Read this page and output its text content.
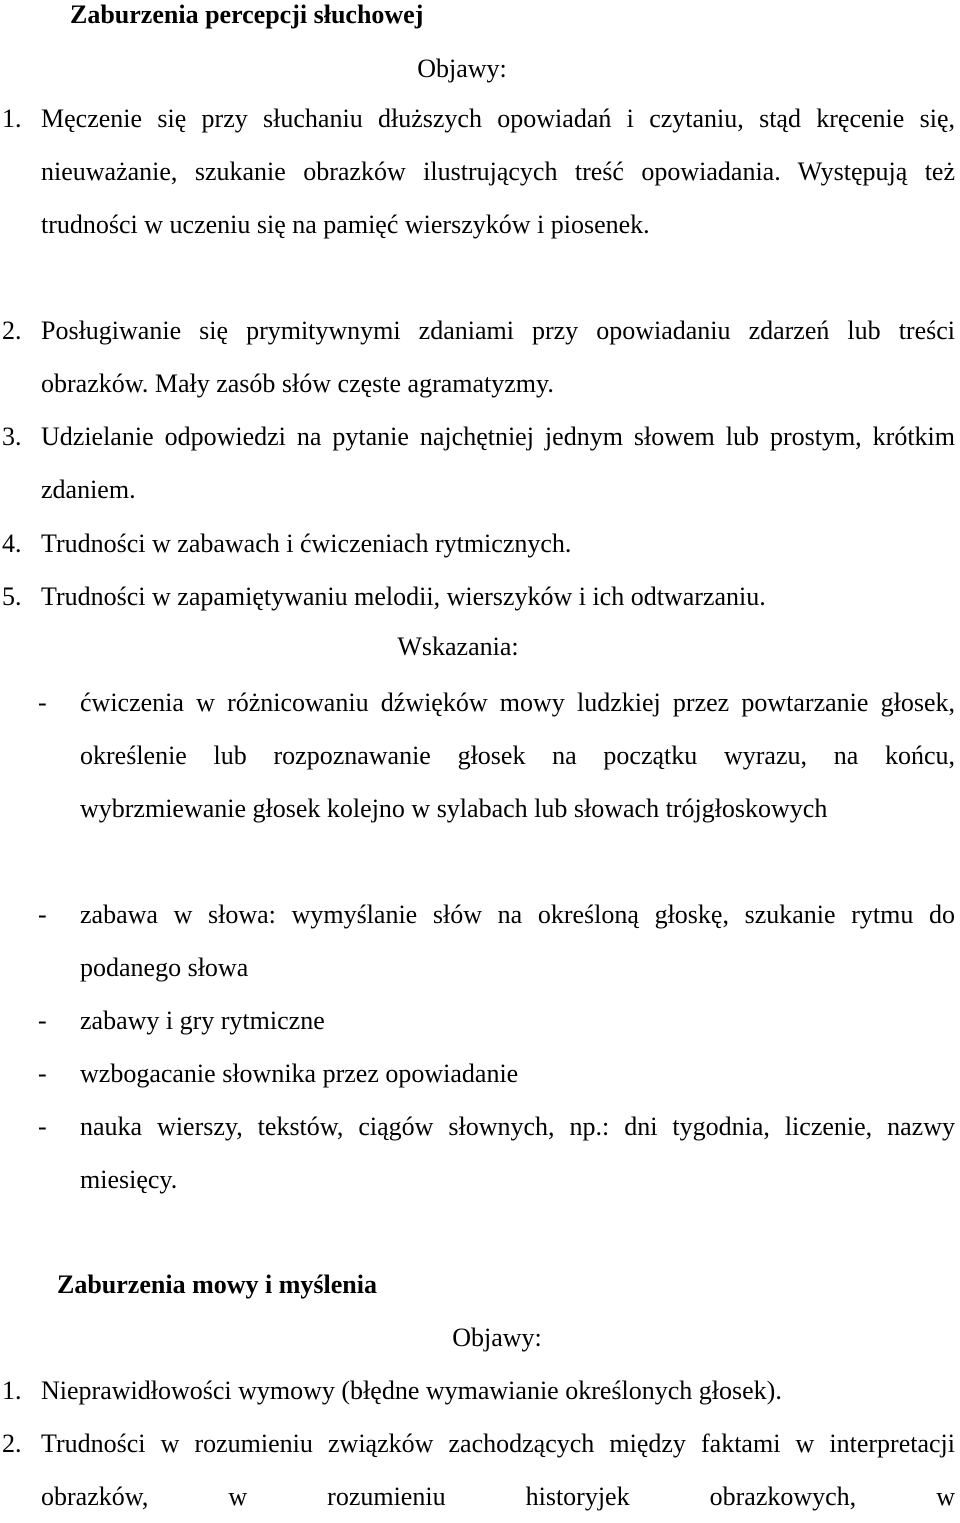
Zaburzenia percepcji słuchowej
Objawy:
1. Męczenie się przy słuchaniu dłuższych opowiadań i czytaniu, stąd kręcenie się, nieuważanie, szukanie obrazków ilustrujących treść opowiadania. Występują też trudności w uczeniu się na pamięć wierszyków i piosenek.
2. Posługiwanie się prymitywnymi zdaniami przy opowiadaniu zdarzeń lub treści obrazków. Mały zasób słów częste agramatyzmy.
3. Udzielanie odpowiedzi na pytanie najchętniej jednym słowem lub prostym, krótkim zdaniem.
4. Trudności w zabawach i ćwiczeniach rytmicznych.
5. Trudności w zapamiętywaniu melodii, wierszyków i ich odtwarzaniu.
Wskazania:
- ćwiczenia w różnicowaniu dźwięków mowy ludzkiej przez powtarzanie głosek, określenie lub rozpoznawanie głosek na początku wyrazu, na końcu, wybrzmiewanie głosek kolejno w sylabach lub słowach trójgłoskowych
- zabawa w słowa: wymyślanie słów na określoną głoskę, szukanie rytmu do podanego słowa
- zabawy i gry rytmiczne
- wzbogacanie słownika przez opowiadanie
- nauka wierszy, tekstów, ciągów słownych, np.: dni tygodnia, liczenie, nazwy miesięcy.
Zaburzenia mowy i myślenia
Objawy:
1. Nieprawidłowości wymowy (błędne wymawianie określonych głosek).
2. Trudności w rozumieniu związków zachodzących między faktami w interpretacji obrazków, w rozumieniu historyjek obrazkowych, w
